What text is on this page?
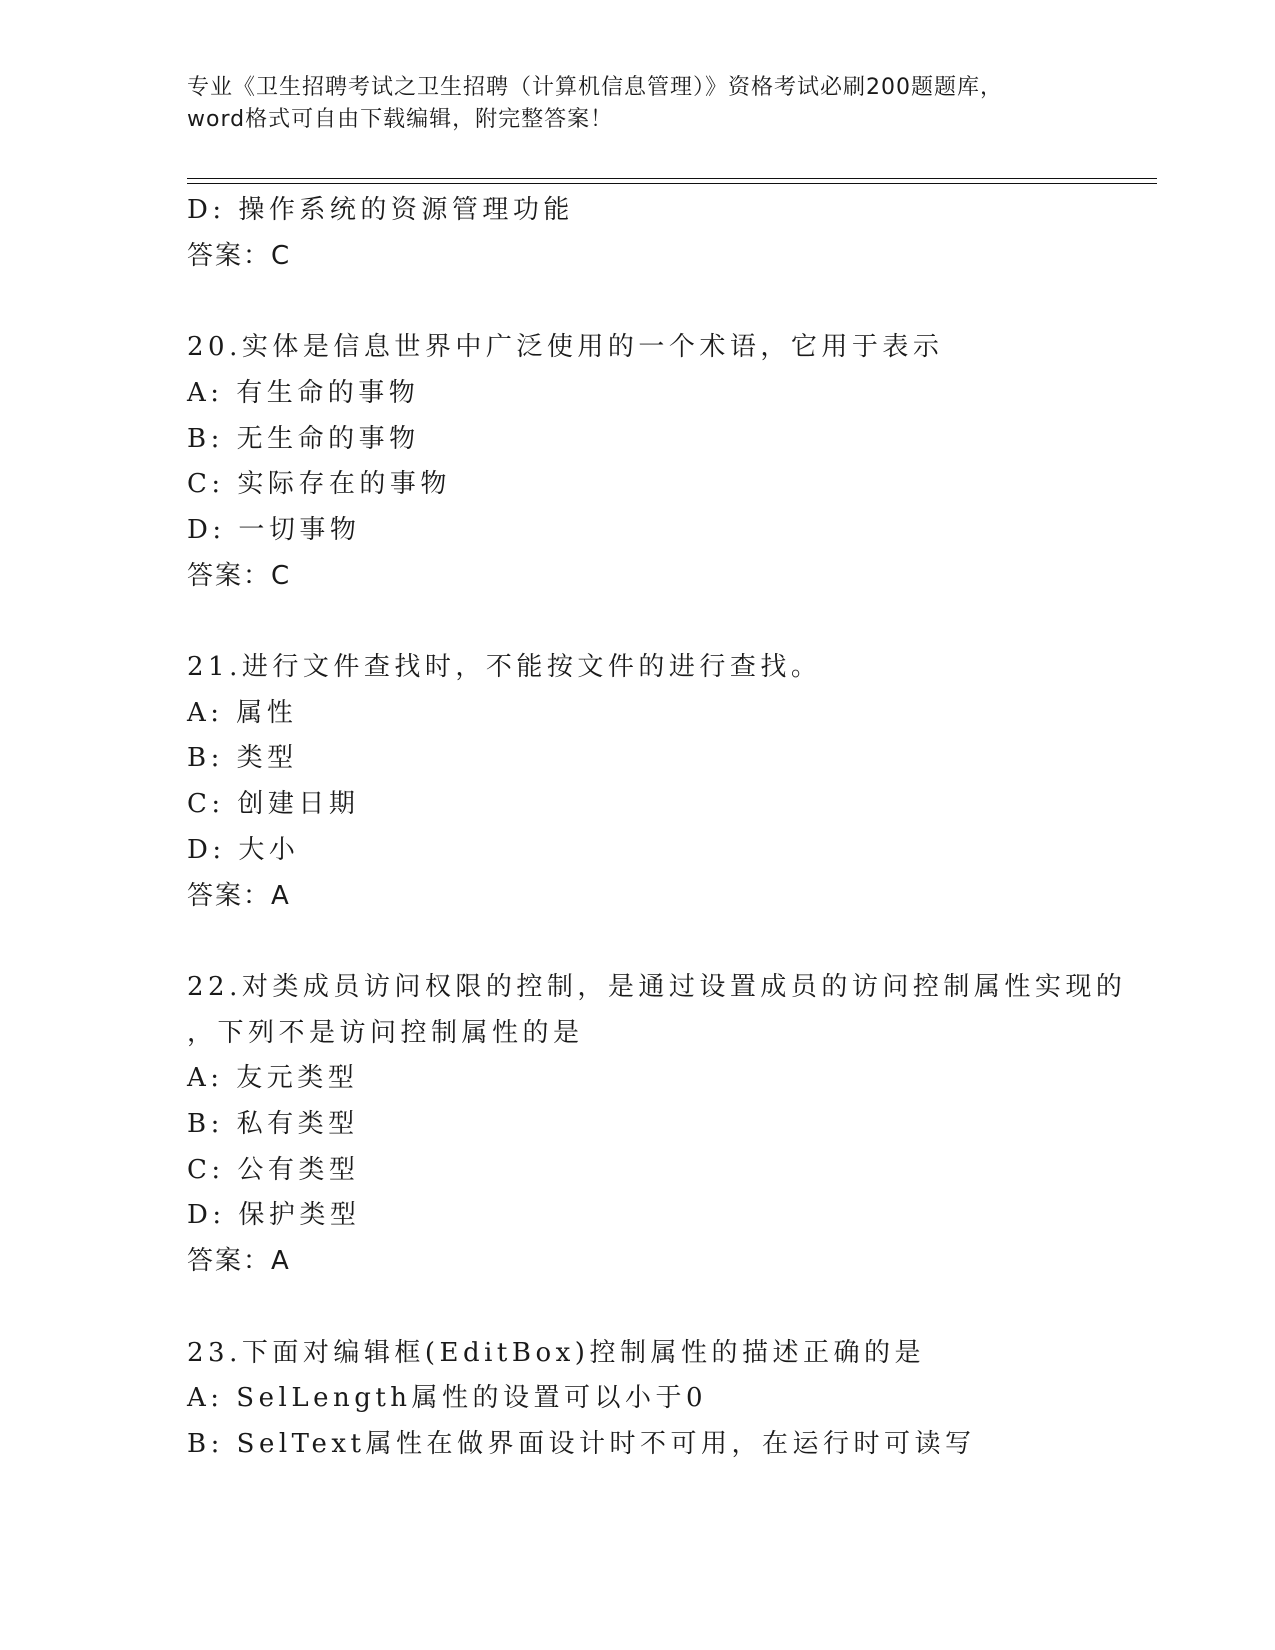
专业《卫生招聘考试之卫生招聘（计算机信息管理）》资格考试必刷200题题库，
word格式可自由下载编辑，附完整答案！
D: 操作系统的资源管理功能
答案：C
20.实体是信息世界中广泛使用的一个术语，它用于表示
A: 有生命的事物
B: 无生命的事物
C: 实际存在的事物
D: 一切事物
答案：C
21.进行文件查找时，不能按文件的进行查找。
A: 属性
B: 类型
C: 创建日期
D: 大小
答案：A
22.对类成员访问权限的控制，是通过设置成员的访问控制属性实现的
，下列不是访问控制属性的是
A: 友元类型
B: 私有类型
C: 公有类型
D: 保护类型
答案：A
23.下面对编辑框(EditBox)控制属性的描述正确的是
A: SelLength属性的设置可以小于0
B: SelText属性在做界面设计时不可用，在运行时可读写
